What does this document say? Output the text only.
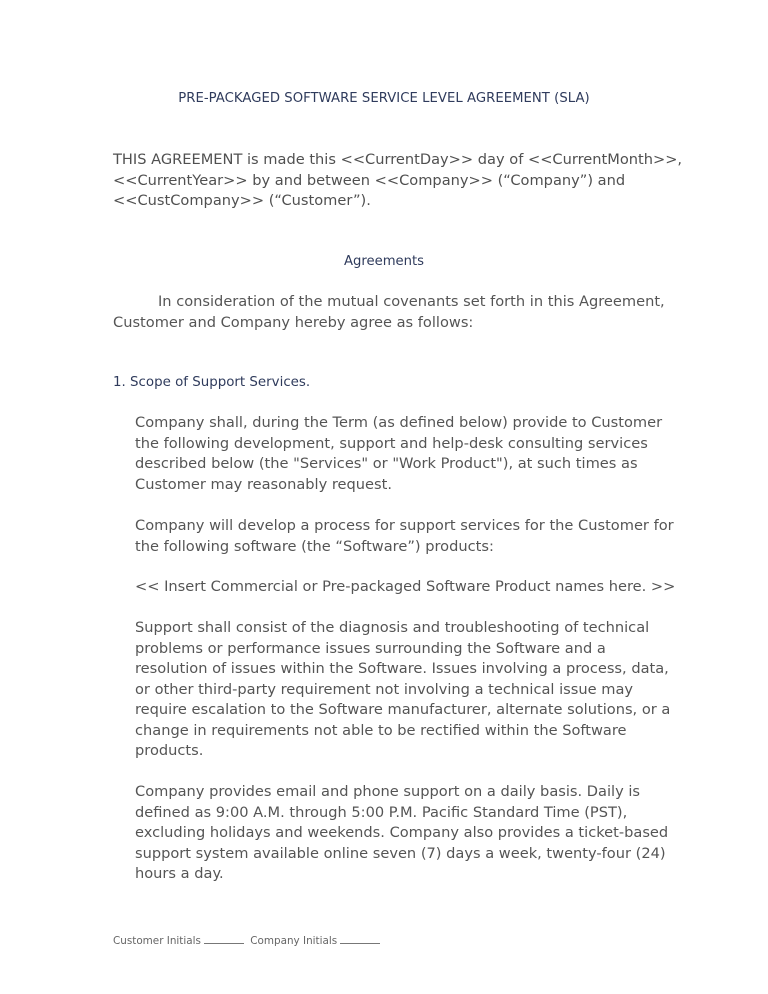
PRE-PACKAGED SOFTWARE SERVICE LEVEL AGREEMENT (SLA)

THIS AGREEMENT is made this <<CurrentDay>> day of <<CurrentMonth>>,
<<CurrentYear>> by and between <<Company>> (“Company”) and
<<CustCompany>> (“Customer”).

Agreements

In consideration of the mutual covenants set forth in this Agreement,
Customer and Company hereby agree as follows:

1. Scope of Support Services.

Company shall, during the Term (as defined below) provide to Customer
the following development, support and help-desk consulting services
described below (the "Services" or "Work Product"), at such times as
Customer may reasonably request.

Company will develop a process for support services for the Customer for
the following software (the “Software”) products:

<< Insert Commercial or Pre-packaged Software Product names here. >>

Support shall consist of the diagnosis and troubleshooting of technical
problems or performance issues surrounding the Software and a
resolution of issues within the Software. Issues involving a process, data,
or other third-party requirement not involving a technical issue may
require escalation to the Software manufacturer, alternate solutions, or a
change in requirements not able to be rectified within the Software
products.

Company provides email and phone support on a daily basis. Daily is
defined as 9:00 A.M. through 5:00 P.M. Pacific Standard Time (PST),
excluding holidays and weekends. Company also provides a ticket-based
support system available online seven (7) days a week, twenty-four (24)
hours a day.

Customer Initials	Company Initials
